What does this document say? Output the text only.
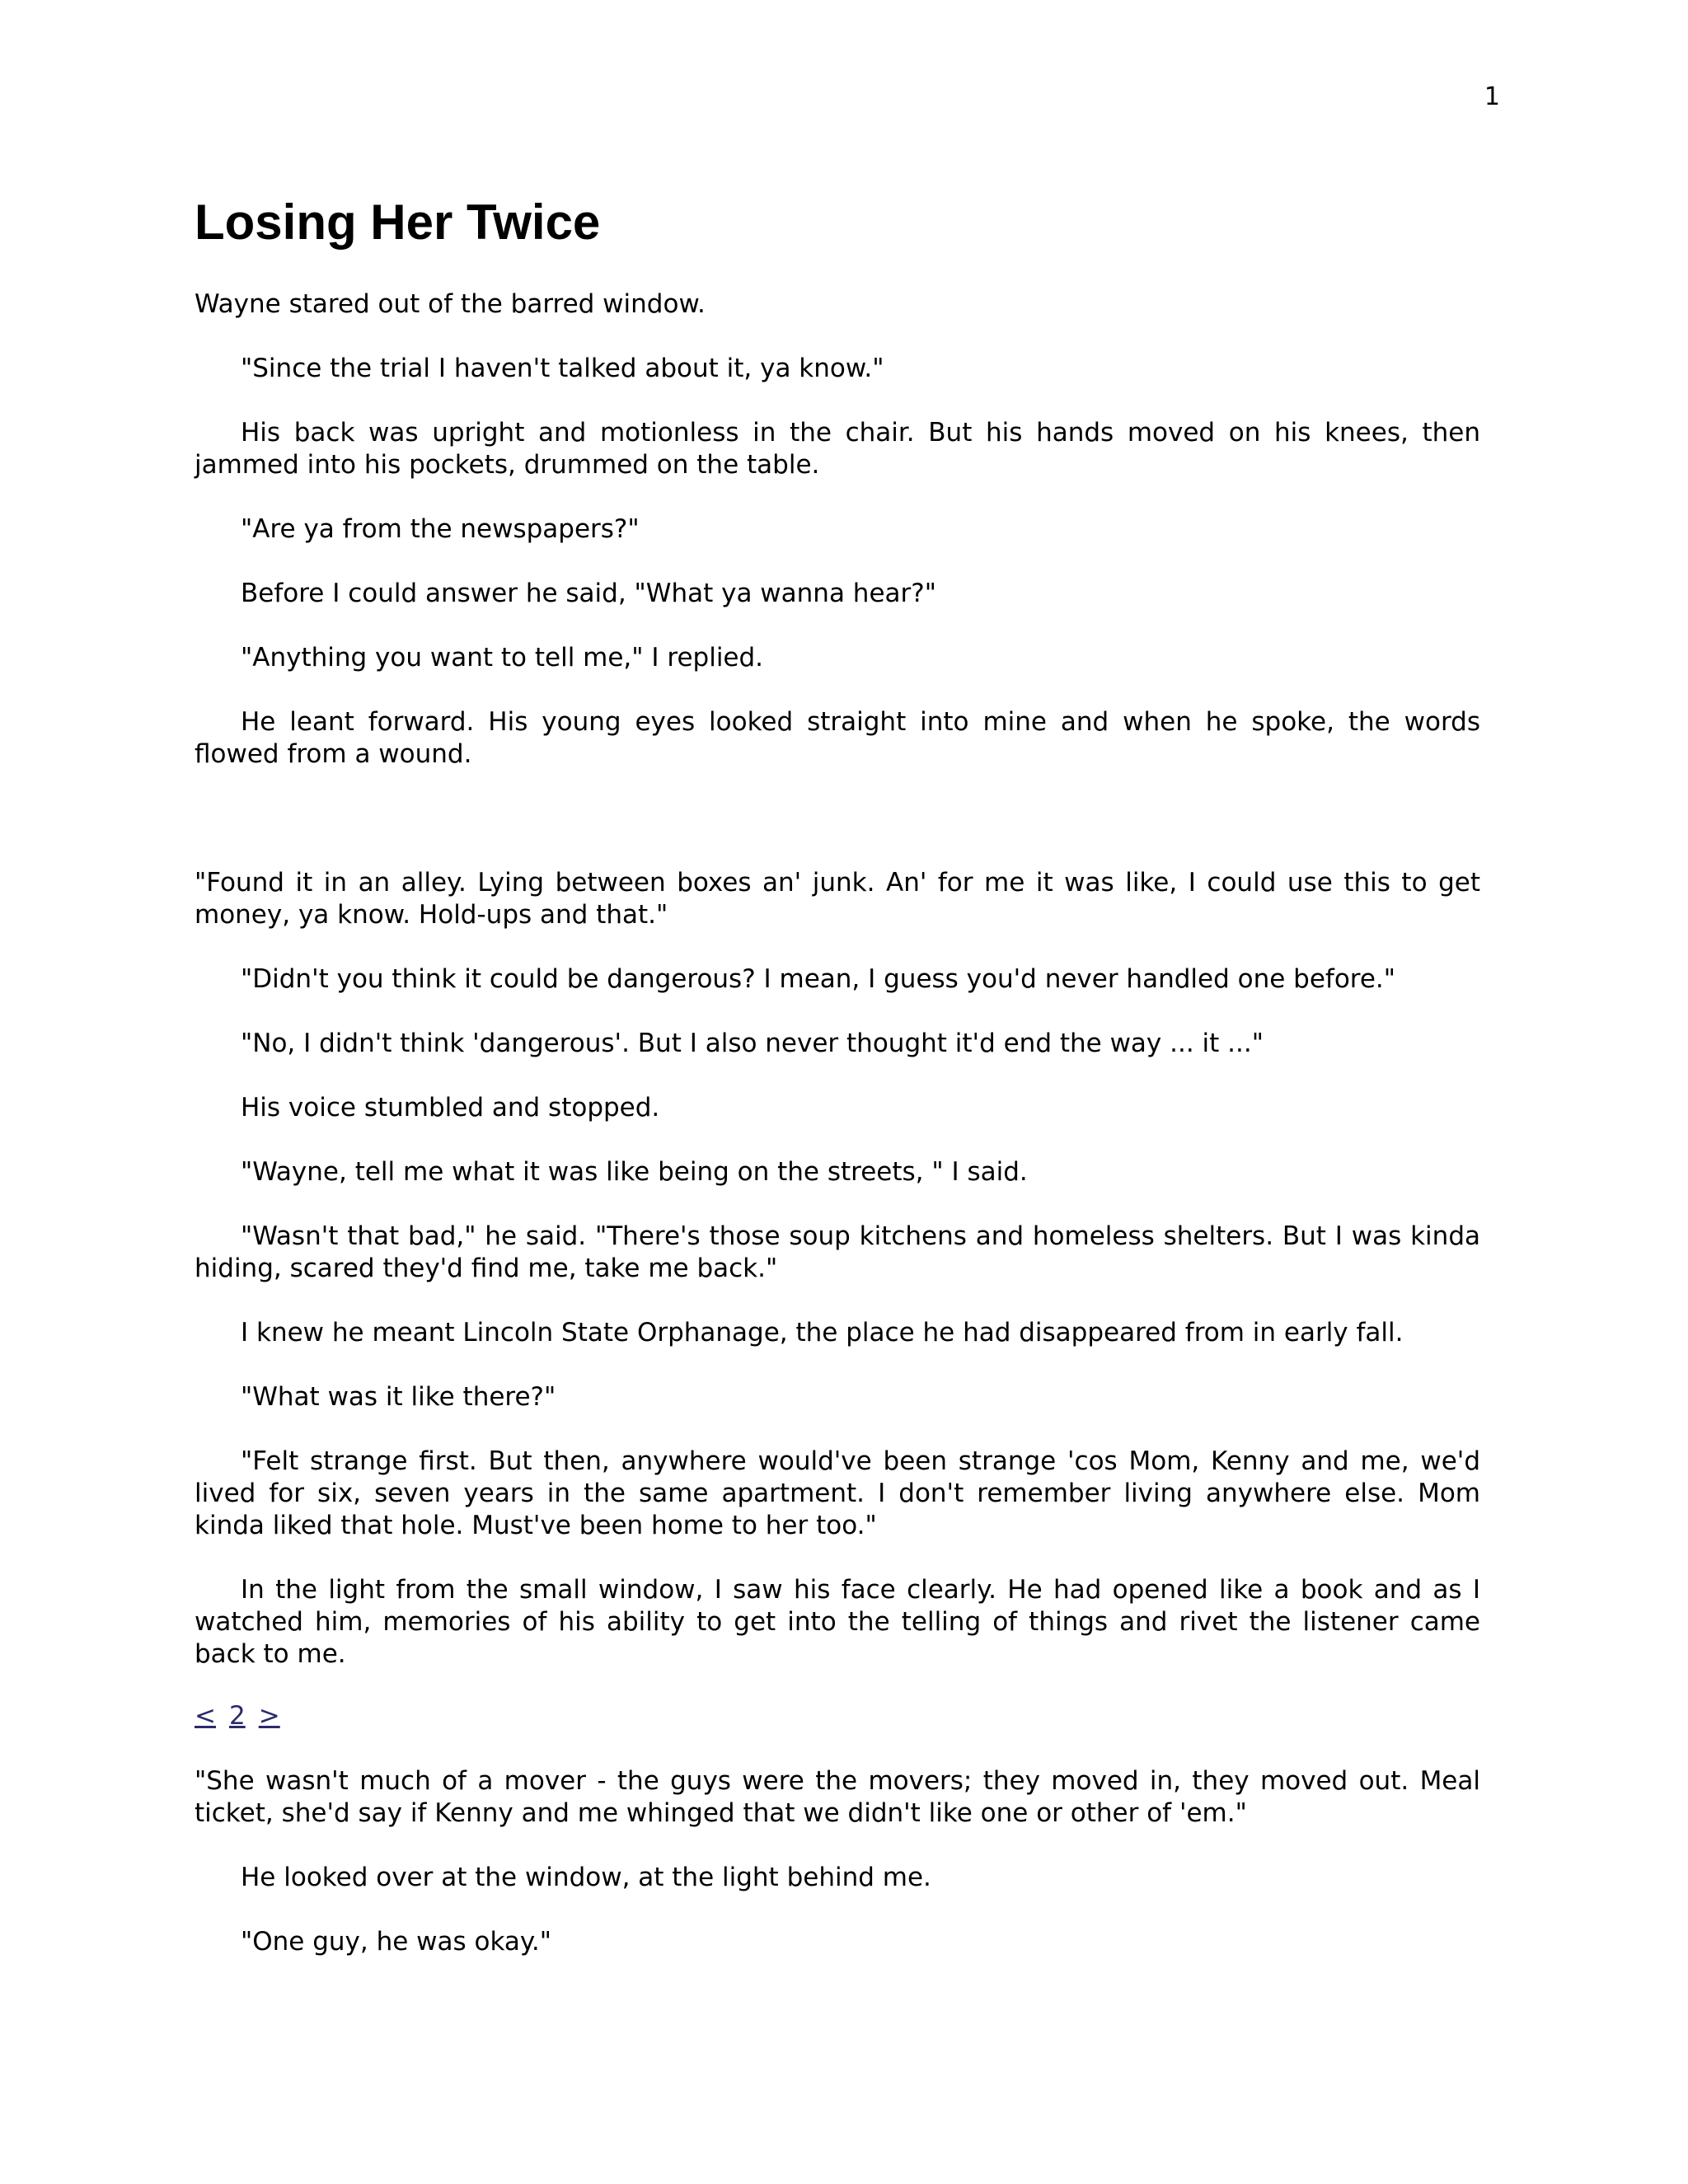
1
Losing Her Twice

Wayne stared out of the barred window.

"Since the trial I haven't talked about it, ya know."

His back was upright and motionless in the chair. But his hands moved on his knees, then jammed into his pockets, drummed on the table.

"Are ya from the newspapers?"

Before I could answer he said, "What ya wanna hear?"

"Anything you want to tell me," I replied.

He leant forward. His young eyes looked straight into mine and when he spoke, the words flowed from a wound.

"Found it in an alley. Lying between boxes an' junk. An' for me it was like, I could use this to get money, ya know. Hold-ups and that."

"Didn't you think it could be dangerous? I mean, I guess you'd never handled one before."

"No, I didn't think 'dangerous'. But I also never thought it'd end the way ... it ..."

His voice stumbled and stopped.

"Wayne, tell me what it was like being on the streets, " I said.

"Wasn't that bad," he said. "There's those soup kitchens and homeless shelters. But I was kinda hiding, scared they'd find me, take me back."

I knew he meant Lincoln State Orphanage, the place he had disappeared from in early fall.

"What was it like there?"

"Felt strange first. But then, anywhere would've been strange 'cos Mom, Kenny and me, we'd lived for six, seven years in the same apartment. I don't remember living anywhere else. Mom kinda liked that hole. Must've been home to her too."

In the light from the small window, I saw his face clearly. He had opened like a book and as I watched him, memories of his ability to get into the telling of things and rivet the listener came back to me.

< 2 >

"She wasn't much of a mover - the guys were the movers; they moved in, they moved out. Meal ticket, she'd say if Kenny and me whinged that we didn't like one or other of 'em."

He looked over at the window, at the light behind me.

"One guy, he was okay."
